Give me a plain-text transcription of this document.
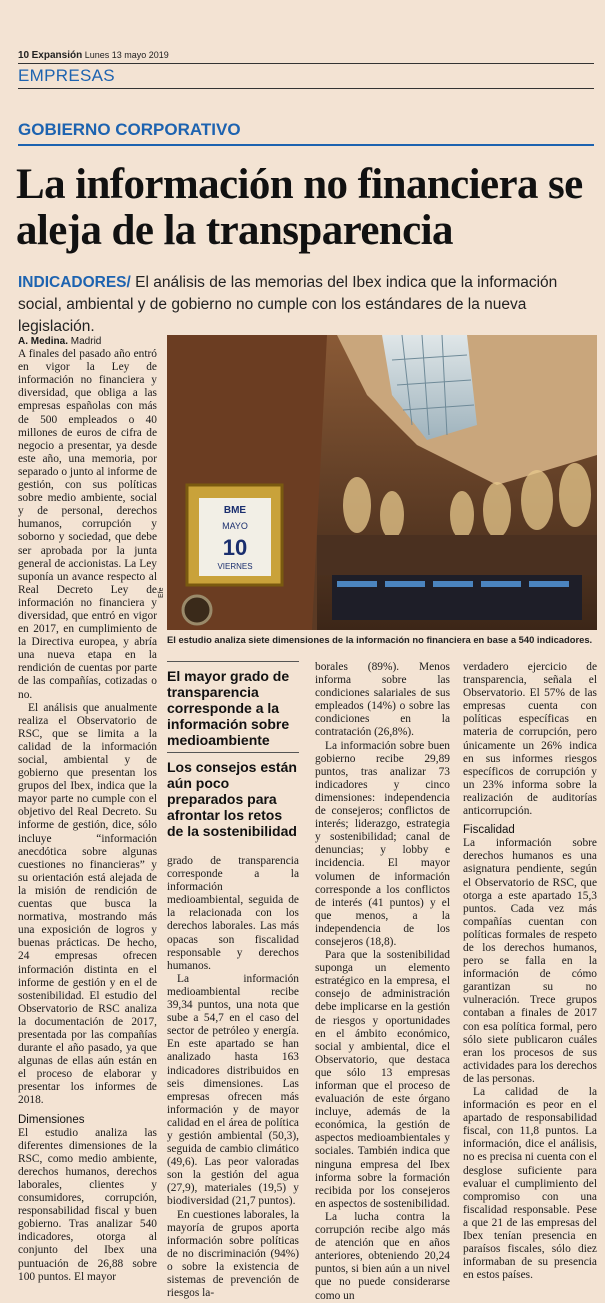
10 Expansión Lunes 13 mayo 2019
EMPRESAS
GOBIERNO CORPORATIVO
La información no financiera se aleja de la transparencia
INDICADORES/ El análisis de las memorias del Ibex indica que la información social, ambiental y de gobierno no cumple con los estándares de la nueva legislación.
A. Medina. Madrid

A finales del pasado año entró en vigor la Ley de información no financiera y diversidad, que obliga a las empresas españolas con más de 500 empleados o 40 millones de euros de cifra de negocio a presentar, ya desde este año, una memoria, por separado o junto al informe de gestión, con sus políticas sobre medio ambiente, social y de personal, derechos humanos, corrupción y soborno y sociedad, que debe ser aprobada por la junta general de accionistas. La Ley suponía un avance respecto al Real Decreto Ley de información no financiera y diversidad, que entró en vigor en 2017, en cumplimiento de la Directiva europea, y abría una nueva etapa en la rendición de cuentas por parte de las compañías, cotizadas o no.

El análisis que anualmente realiza el Observatorio de RSC, que se limita a la calidad de la información social, ambiental y de gobierno que presentan los grupos del Ibex, indica que la mayor parte no cumple con el objetivo del Real Decreto. Su informe de gestión, dice, sólo incluye “información anecdótica sobre algunas cuestiones no financieras” y su orientación está alejada de la misión de rendición de cuentas que busca la normativa, mostrando más una exposición de logros y buenas prácticas. De hecho, 24 empresas ofrecen información distinta en el informe de gestión y en el de sostenibilidad. El estudio del Observatorio de RSC analiza la documentación de 2017, presentada por las compañías durante el año pasado, ya que algunas de ellas aún están en el proceso de elaborar y presentar los informes de 2018.

Dimensiones

El estudio analiza las diferentes dimensiones de la RSC, como medio ambiente, derechos humanos, derechos laborales, clientes y consumidores, corrupción, responsabilidad fiscal y buen gobierno. Tras analizar 540 indicadores, otorga al conjunto del Ibex una puntuación de 26,88 sobre 100 puntos. El mayor

BME
MAYO
10
VIERNES
Efe
El estudio analiza siete dimensiones de la información no financiera en base a 540 indicadores.
El mayor grado de transparencia corresponde a la información sobre medioambiente
Los consejos están aún poco preparados para afrontar los retos de la sostenibilidad

grado de transparencia corresponde a la información medioambiental, seguida de la relacionada con los derechos laborales. Las más opacas son fiscalidad responsable y derechos humanos.

La información medioambiental recibe 39,34 puntos, una nota que sube a 54,7 en el caso del sector de petróleo y energía. En este apartado se han analizado hasta 163 indicadores distribuidos en seis dimensiones. Las empresas ofrecen más información y de mayor calidad en el área de política y gestión ambiental (50,3), seguida de cambio climático (49,6). Las peor valoradas son la gestión del agua (27,9), materiales (19,5) y biodiversidad (21,7 puntos).

En cuestiones laborales, la mayoría de grupos aporta información sobre políticas de no discriminación (94%) o sobre la existencia de sistemas de prevención de riesgos la-

borales (89%). Menos informa sobre las condiciones salariales de sus empleados (14%) o sobre las condiciones en la contratación (26,8%).

La información sobre buen gobierno recibe 29,89 puntos, tras analizar 73 indicadores y cinco dimensiones: independencia de consejeros; conflictos de interés; liderazgo, estrategia y sostenibilidad; canal de denuncias; y lobby e incidencia. El mayor volumen de información corresponde a los conflictos de interés (41 puntos) y el que menos, a la independencia de los consejeros (18,8).

Para que la sostenibilidad suponga un elemento estratégico en la empresa, el consejo de administración debe implicarse en la gestión de riesgos y oportunidades en el ámbito económico, social y ambiental, dice el Observatorio, que destaca que sólo 13 empresas informan que el proceso de evaluación de este órgano incluye, además de la económica, la gestión de aspectos medioambientales y sociales. También indica que ninguna empresa del Ibex informa sobre la formación recibida por los consejeros en aspectos de sostenibilidad.

La lucha contra la corrupción recibe algo más de atención que en años anteriores, obteniendo 20,24 puntos, si bien aún a un nivel que no puede considerarse como un

verdadero ejercicio de transparencia, señala el Observatorio. El 57% de las empresas cuenta con políticas específicas en materia de corrupción, pero únicamente un 26% indica en sus informes riesgos específicos de corrupción y un 23% informa sobre la realización de auditorías anticorrupción.

Fiscalidad

La información sobre derechos humanos es una asignatura pendiente, según el Observatorio de RSC, que otorga a este apartado 15,3 puntos. Cada vez más compañías cuentan con políticas formales de respeto de los derechos humanos, pero se falla en la información de cómo garantizan su no vulneración. Trece grupos contaban a finales de 2017 con esa política formal, pero sólo siete publicaron cuáles eran los procesos de sus actividades para los derechos de las personas.

La calidad de la información es peor en el apartado de responsabilidad fiscal, con 11,8 puntos. La información, dice el análisis, no es precisa ni cuenta con el desglose suficiente para evaluar el cumplimiento del compromiso con una fiscalidad responsable. Pese a que 21 de las empresas del Ibex tenían presencia en paraísos fiscales, sólo diez informaban de su presencia en estos países.
